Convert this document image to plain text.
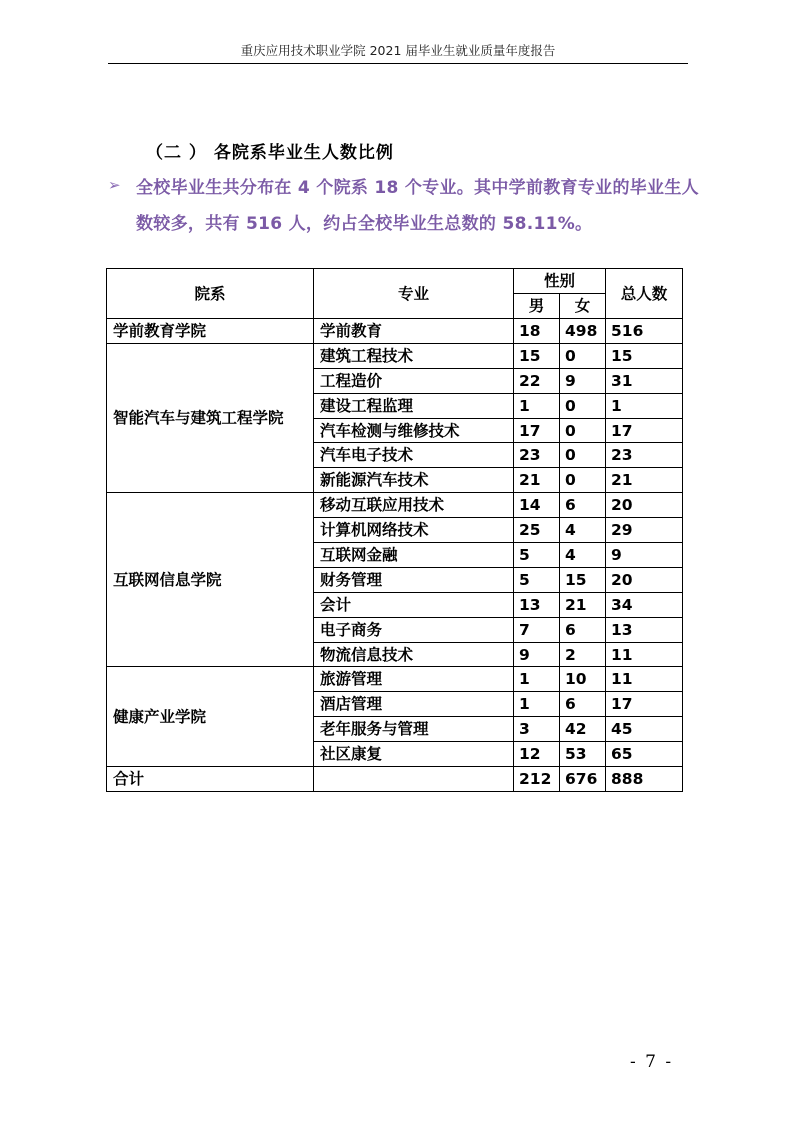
重庆应用技术职业学院 2021 届毕业生就业质量年度报告
（二 ） 各院系毕业生人数比例
➢ 全校毕业生共分布在 4 个院系 18 个专业。其中学前教育专业的毕业生人数较多，共有 516 人，约占全校毕业生总数的 58.11%。
院系	专业	性别		总人数
		男	女	
学前教育学院	学前教育	18	498	516
智能汽车与建筑工程学院	建筑工程技术	15	0	15
	工程造价	22	9	31
	建设工程监理	1	0	1
	汽车检测与维修技术	17	0	17
	汽车电子技术	23	0	23
	新能源汽车技术	21	0	21
互联网信息学院	移动互联应用技术	14	6	20
	计算机网络技术	25	4	29
	互联网金融	5	4	9
	财务管理	5	15	20
	会计	13	21	34
	电子商务	7	6	13
	物流信息技术	9	2	11
健康产业学院	旅游管理	1	10	11
	酒店管理	1	6	17
	老年服务与管理	3	42	45
	社区康复	12	53	65
合计		212	676	888
- 7 -
